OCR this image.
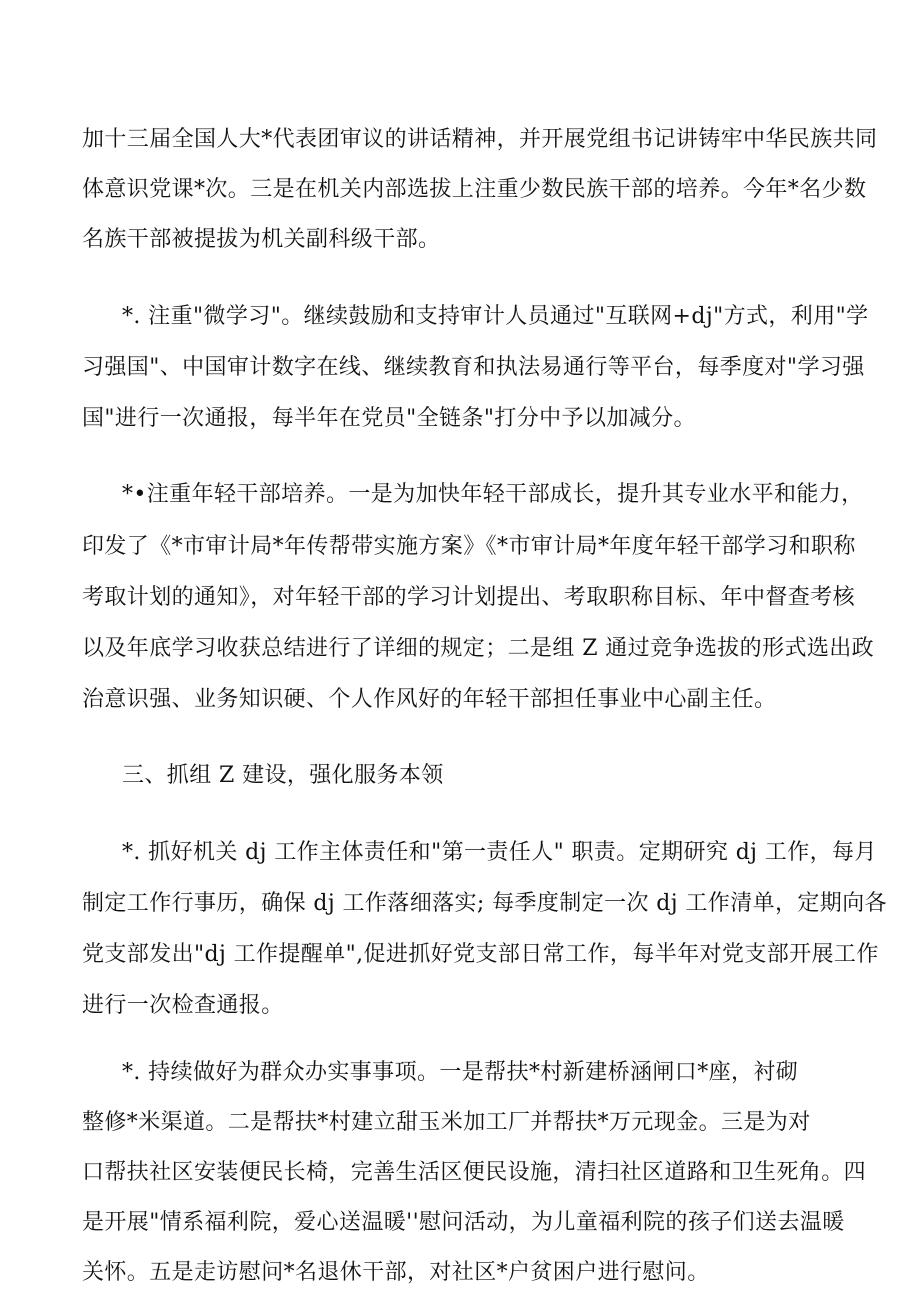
加十三届全国人大*代表团审议的讲话精神，并开展党组书记讲铸牢中华民族共同

体意识党课*次。三是在机关内部选拔上注重少数民族干部的培养。今年*名少数

名族干部被提拔为机关副科级干部。

*. 注重"微学习"。继续鼓励和支持审计人员通过"互联网+dj"方式，利用"学

习强国"、中国审计数字在线、继续教育和执法易通行等平台，每季度对"学习强

国"进行一次通报，每半年在党员"全链条"打分中予以加减分。

*•注重年轻干部培养。一是为加快年轻干部成长，提升其专业水平和能力，

印发了《*市审计局*年传帮带实施方案》《*市审计局*年度年轻干部学习和职称

考取计划的通知》，对年轻干部的学习计划提出、考取职称目标、年中督查考核

以及年底学习收获总结进行了详细的规定；二是组 Z 通过竞争选拔的形式选出政

治意识强、业务知识硬、个人作风好的年轻干部担任事业中心副主任。

三、抓组 Z 建设，强化服务本领

*. 抓好机关 dj 工作主体责任和"第一责任人" 职责。定期研究 dj 工作，每月

制定工作行事历，确保 dj 工作落细落实; 每季度制定一次 dj 工作清单，定期向各

党支部发出"dj 工作提醒单",促进抓好党支部日常工作，每半年对党支部开展工作

进行一次检查通报。

*. 持续做好为群众办实事事项。一是帮扶*村新建桥涵闸口*座，衬砌

整修*米渠道。二是帮扶*村建立甜玉米加工厂并帮扶*万元现金。三是为对

口帮扶社区安装便民长椅，完善生活区便民设施，清扫社区道路和卫生死角。四

是开展"情系福利院，爱心送温暖''慰问活动，为儿童福利院的孩子们送去温暖

关怀。五是走访慰问*名退休干部，对社区*户贫困户进行慰问。
